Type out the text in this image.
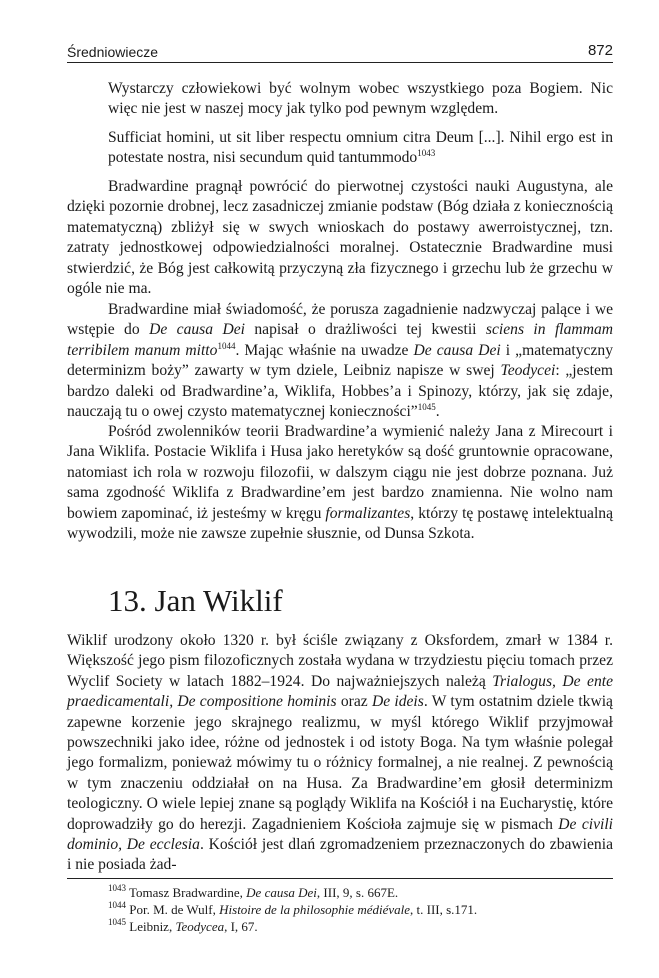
Średniowiecze	872

Wystarczy człowiekowi być wolnym wobec wszystkiego poza Bogiem. Nic więc nie jest w naszej mocy jak tylko pod pewnym względem.

Sufficiat homini, ut sit liber respectu omnium citra Deum [...]. Nihil ergo est in potestate nostra, nisi secundum quid tantummodo$^{1043}$

Bradwardine pragnął powrócić do pierwotnej czystości nauki Augustyna, ale dzięki pozornie drobnej, lecz zasadniczej zmianie podstaw (Bóg działa z koniecznością matematyczną) zbliżył się w swych wnioskach do postawy awerroistycznej, tzn. zatraty jednostkowej odpowiedzialności moralnej. Ostatecznie Bradwardine musi stwierdzić, że Bóg jest całkowitą przyczyną zła fizycznego i grzechu lub że grzechu w ogóle nie ma.

Bradwardine miał świadomość, że porusza zagadnienie nadzwyczaj palące i we wstępie do De causa Dei napisał o drażliwości tej kwestii sciens in flammam terribilem manum mitto$^{1044}$. Mając właśnie na uwadze De causa Dei i „matematyczny determinizm boży” zawarty w tym dziele, Leibniz napisze w swej Teodycei: „jestem bardzo daleki od Bradwardine’a, Wiklifa, Hobbes’a i Spinozy, którzy, jak się zdaje, nauczają tu o owej czysto matematycznej konieczności”$^{1045}$.

Pośród zwolenników teorii Bradwardine’a wymienić należy Jana z Mirecourt i Jana Wiklifa. Postacie Wiklifa i Husa jako heretyków są dość gruntownie opracowane, natomiast ich rola w rozwoju filozofii, w dalszym ciągu nie jest dobrze poznana. Już sama zgodność Wiklifa z Bradwardine’em jest bardzo znamienna. Nie wolno nam bowiem zapominać, iż jesteśmy w kręgu formalizantes, którzy tę postawę intelektualną wywodzili, może nie zawsze zupełnie słusznie, od Dunsa Szkota.

13. Jan Wiklif

Wiklif urodzony około 1320 r. był ściśle związany z Oksfordem, zmarł w 1384 r. Większość jego pism filozoficznych została wydana w trzydziestu pięciu tomach przez Wyclif Society w latach 1882–1924. Do najważniejszych należą Trialogus, De ente praedicamentali, De compositione hominis oraz De ideis. W tym ostatnim dziele tkwią zapewne korzenie jego skrajnego realizmu, w myśl którego Wiklif przyjmował powszechniki jako idee, różne od jednostek i od istoty Boga. Na tym właśnie polegał jego formalizm, ponieważ mówimy tu o różnicy formalnej, a nie realnej. Z pewnością w tym znaczeniu oddziałał on na Husa. Za Bradwardine’em głosił determinizm teologiczny. O wiele lepiej znane są poglądy Wiklifa na Kościół i na Eucharystię, które doprowadziły go do herezji. Zagadnieniem Kościoła zajmuje się w pismach De civili dominio, De ecclesia. Kościół jest dlań zgromadzeniem przeznaczonych do zbawienia i nie posiada żad-

$^{1043}$ Tomasz Bradwardine, De causa Dei, III, 9, s. 667E.

$^{1044}$ Por. M. de Wulf, Histoire de la philosophie médiévale, t. III, s.171.

$^{1045}$ Leibniz, Teodycea, I, 67.
